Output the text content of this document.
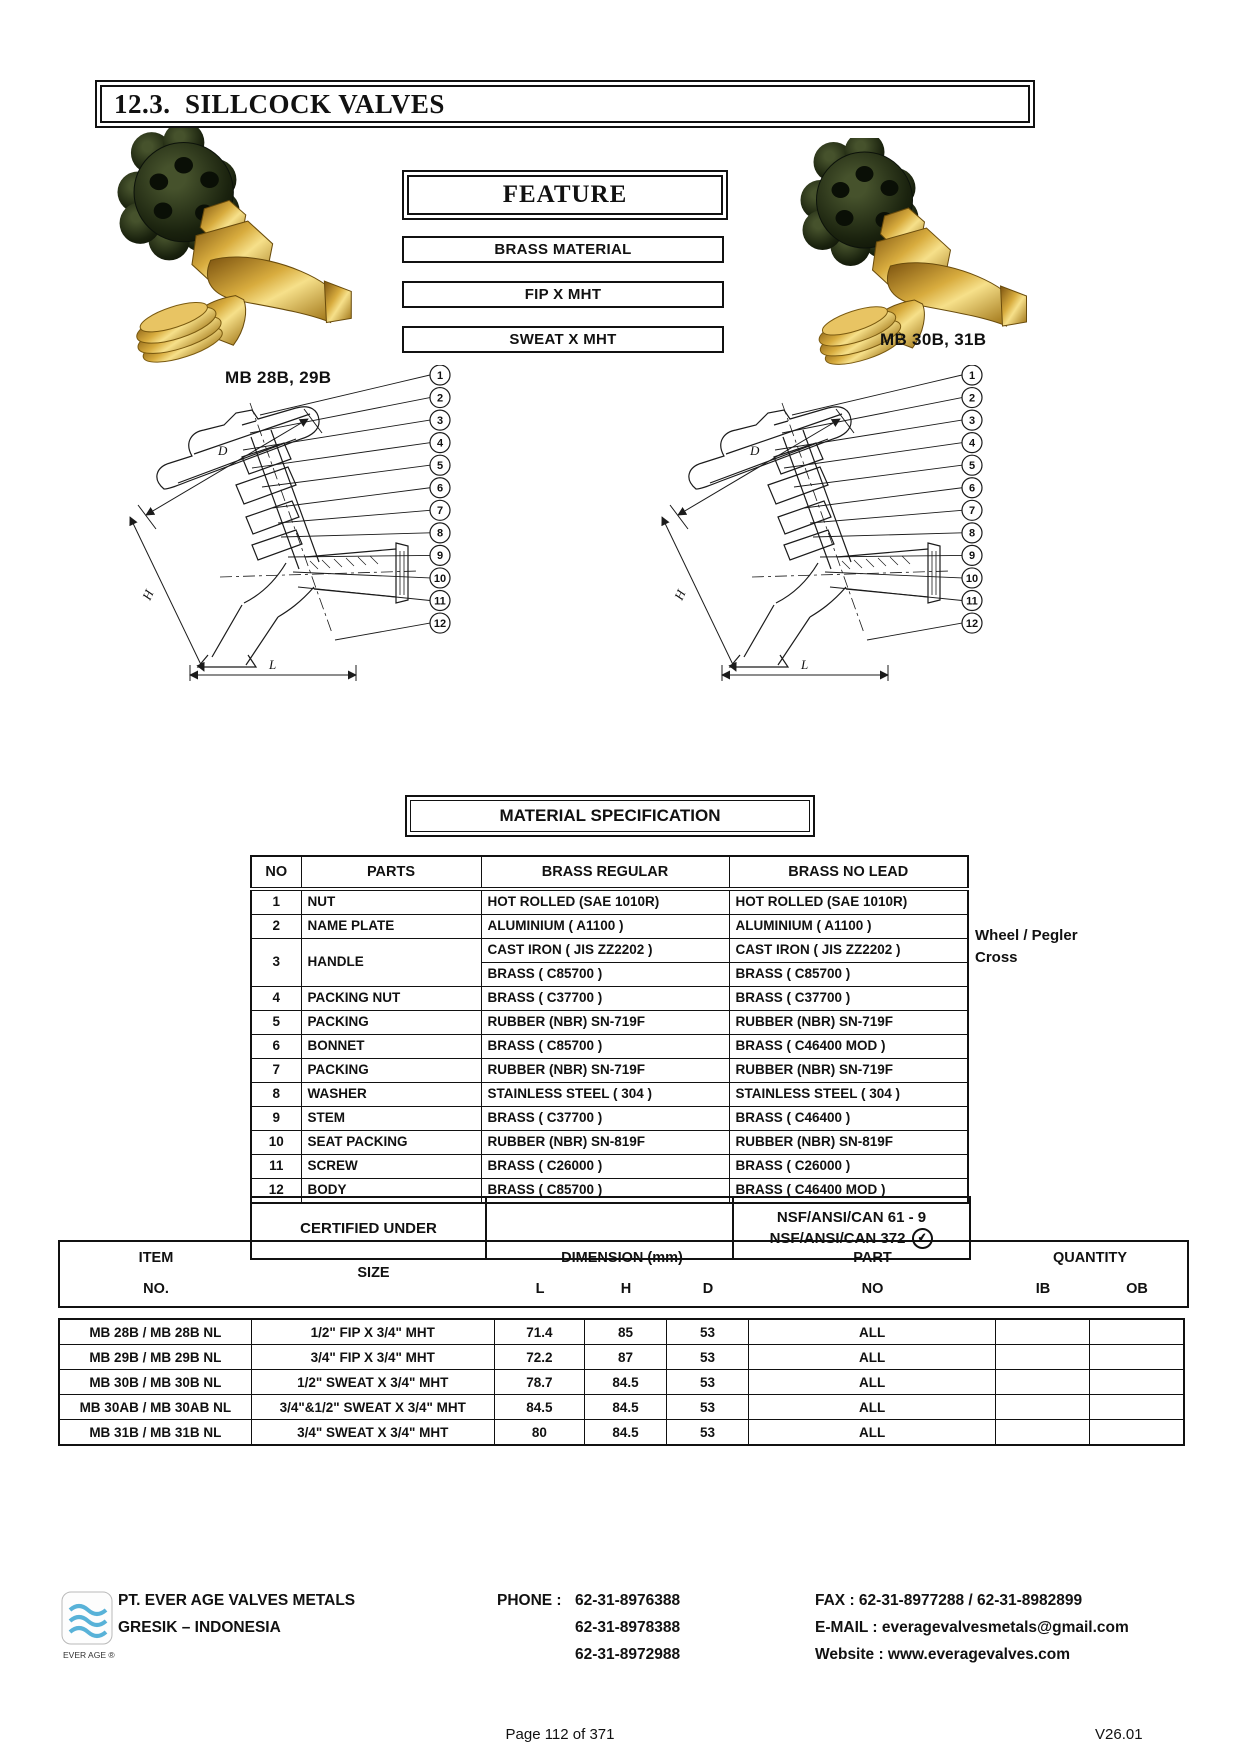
12.3.  SILLCOCK VALVES
MB 28B, 29B
MB 30B, 31B
FEATURE
BRASS MATERIAL
FIP X MHT
SWEAT X MHT
D
H
L
1
2
3
4
5
6
7
8
9
10
11
12
D
H
L
1
2
3
4
5
6
7
8
9
10
11
12
MATERIAL SPECIFICATION
NO	PARTS	BRASS REGULAR	BRASS NO LEAD
1	NUT	HOT ROLLED (SAE 1010R)	HOT ROLLED (SAE 1010R)
2	NAME PLATE	ALUMINIUM ( A1100 )	ALUMINIUM ( A1100 )
3	HANDLE	CAST IRON ( JIS ZZ2202 )	CAST IRON ( JIS ZZ2202 )
		BRASS ( C85700 )	BRASS ( C85700 )
4	PACKING NUT	BRASS ( C37700 )	BRASS ( C37700 )
5	PACKING	RUBBER (NBR) SN-719F	RUBBER (NBR) SN-719F
6	BONNET	BRASS ( C85700 )	BRASS ( C46400 MOD )
7	PACKING	RUBBER (NBR) SN-719F	RUBBER (NBR) SN-719F
8	WASHER	STAINLESS STEEL ( 304 )	STAINLESS STEEL ( 304 )
9	STEM	BRASS ( C37700 )	BRASS ( C46400 )
10	SEAT PACKING	RUBBER (NBR) SN-819F	RUBBER (NBR) SN-819F
11	SCREW	BRASS ( C26000 )	BRASS ( C26000 )
12	BODY	BRASS ( C85700 )	BRASS ( C46400 MOD )
Wheel / Pegler
Cross
CERTIFIED UNDER
NSF/ANSI/CAN 61 - 9
NSF/ANSI/CAN 372	✔
ITEM
SIZE
DIMENSION (mm)	PART	QUANTITY
NO.	L	H	D	NO	IB	OB
MB 28B / MB 28B NL	1/2" FIP X 3/4" MHT	71.4	85	53	ALL		
MB 29B / MB 29B NL	3/4" FIP X 3/4" MHT	72.2	87	53	ALL		
MB 30B / MB 30B NL	1/2" SWEAT X 3/4" MHT	78.7	84.5	53	ALL		
MB 30AB / MB 30AB NL	3/4"&1/2" SWEAT X 3/4" MHT	84.5	84.5	53	ALL		
MB 31B / MB 31B NL	3/4" SWEAT X 3/4" MHT	80	84.5	53	ALL		
EVER AGE ®
PT. EVER AGE VALVES METALS
GRESIK – INDONESIA
PHONE : 62-31-8976388
62-31-8978388
62-31-8972988
FAX : 62-31-8977288 / 62-31-8982899
E-MAIL : everagevalvesmetals@gmail.com
Website : www.everagevalves.com
Page 112 of 371	V26.01
